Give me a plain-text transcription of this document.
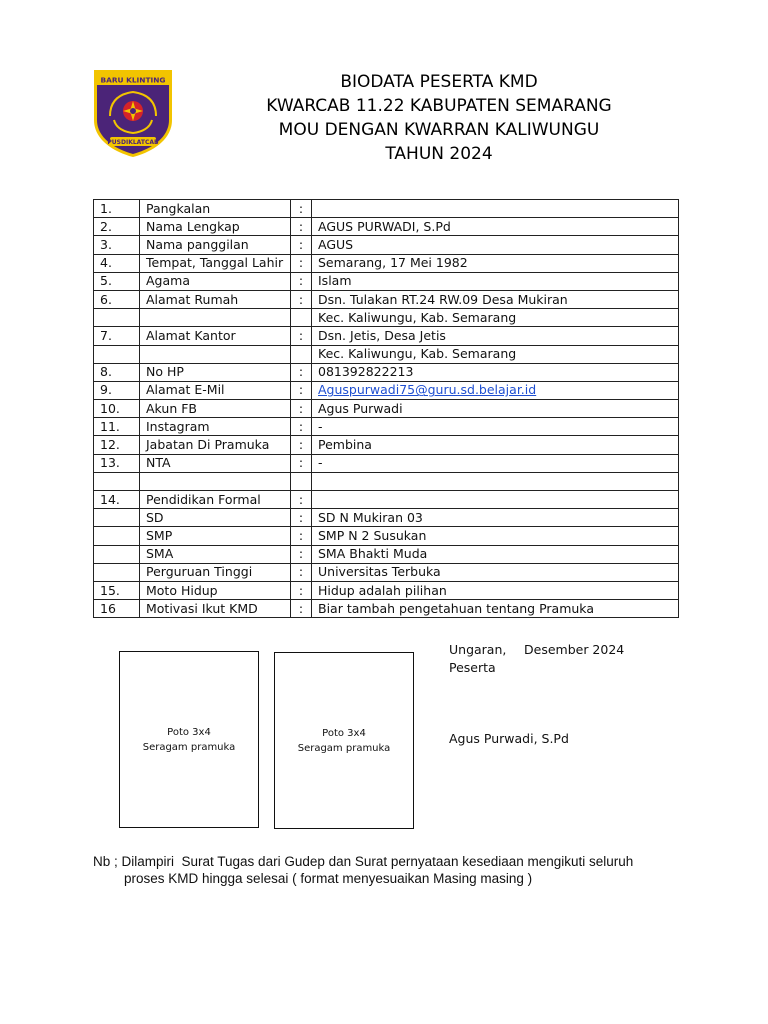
BARU KLINTING
PUSDIKLATCAB
BIODATA PESERTA KMD
KWARCAB 11.22 KABUPATEN SEMARANG
MOU DENGAN KWARRAN KALIWUNGU
TAHUN 2024
1.	Pangkalan	:	
2.	Nama Lengkap	:	AGUS PURWADI, S.Pd
3.	Nama panggilan	:	AGUS
4.	Tempat, Tanggal Lahir	:	Semarang, 17 Mei 1982
5.	Agama	:	Islam
6.	Alamat Rumah	:	Dsn. Tulakan RT.24 RW.09 Desa Mukiran
			Kec. Kaliwungu, Kab. Semarang
7.	Alamat Kantor	:	Dsn. Jetis, Desa Jetis
			Kec. Kaliwungu, Kab. Semarang
8.	No HP	:	081392822213
9.	Alamat E-Mil	:	Aguspurwadi75@guru.sd.belajar.id
10.	Akun FB	:	Agus Purwadi
11.	Instagram	:	-
12.	Jabatan Di Pramuka	:	Pembina
13.	NTA	:	-

14.	Pendidikan Formal	:	
	SD	:	SD N Mukiran 03
	SMP	:	SMP N 2 Susukan
	SMA	:	SMA Bhakti Muda
	Perguruan Tinggi	:	Universitas Terbuka
15.	Moto Hidup	:	Hidup adalah pilihan
16	Motivasi Ikut KMD	:	Biar tambah pengetahuan tentang Pramuka
Poto 3x4
Seragam pramuka
Poto 3x4
Seragam pramuka
Ungaran, Desember 2024
Peserta
Agus Purwadi, S.Pd
Nb ; Dilampiri  Surat Tugas dari Gudep dan Surat pernyataan kesediaan mengikuti seluruh
proses KMD hingga selesai ( format menyesuaikan Masing masing )
